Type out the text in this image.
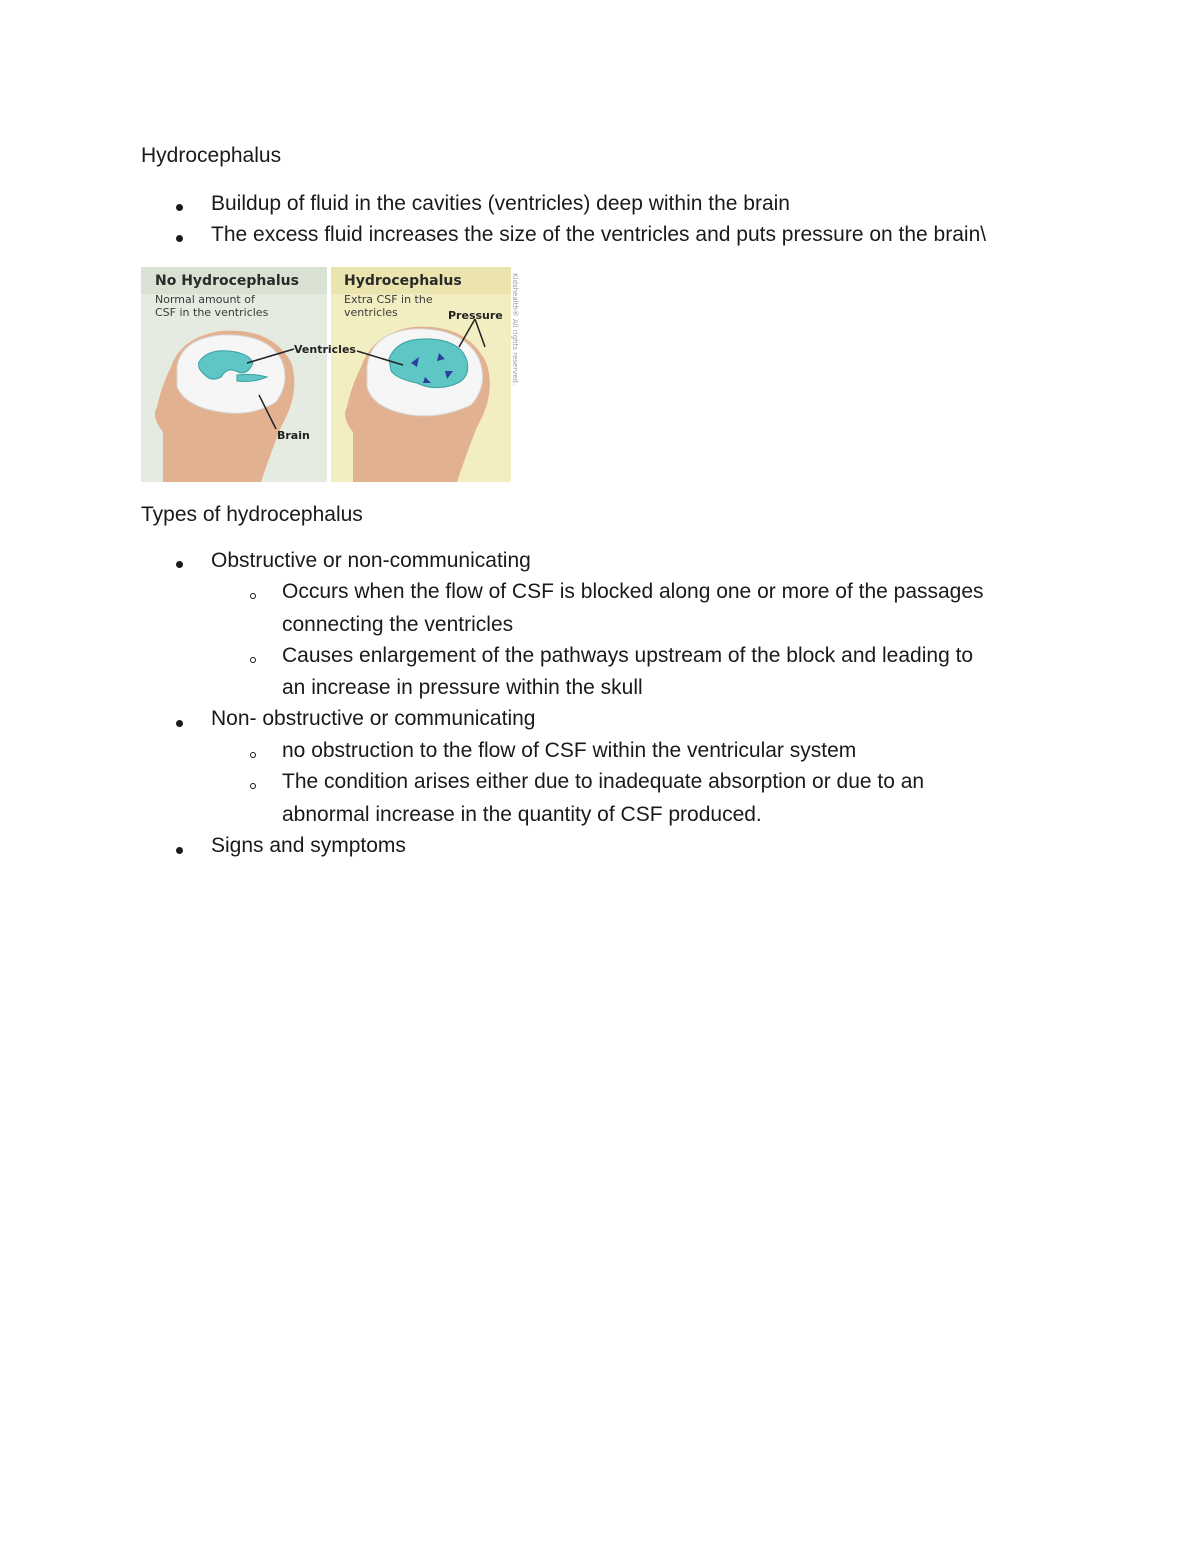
Hydrocephalus
Buildup of fluid in the cavities (ventricles) deep within the brain
The excess fluid increases the size of the ventricles and puts pressure on the brain\
No Hydrocephalus
Normal amount of
CSF in the ventricles
Hydrocephalus
Extra CSF in the
ventricles
Ventricles
Brain
Pressure Kidshealth® All rights reserved.
Types of hydrocephalus
Obstructive or non-communicating
Occurs when the flow of CSF is blocked along one or more of the passages
connecting the ventricles
Causes enlargement of the pathways upstream of the block and leading to
an increase in pressure within the skull
Non- obstructive or communicating
no obstruction to the flow of CSF within the ventricular system
The condition arises either due to inadequate absorption or due to an
abnormal increase in the quantity of CSF produced.
Signs and symptoms
